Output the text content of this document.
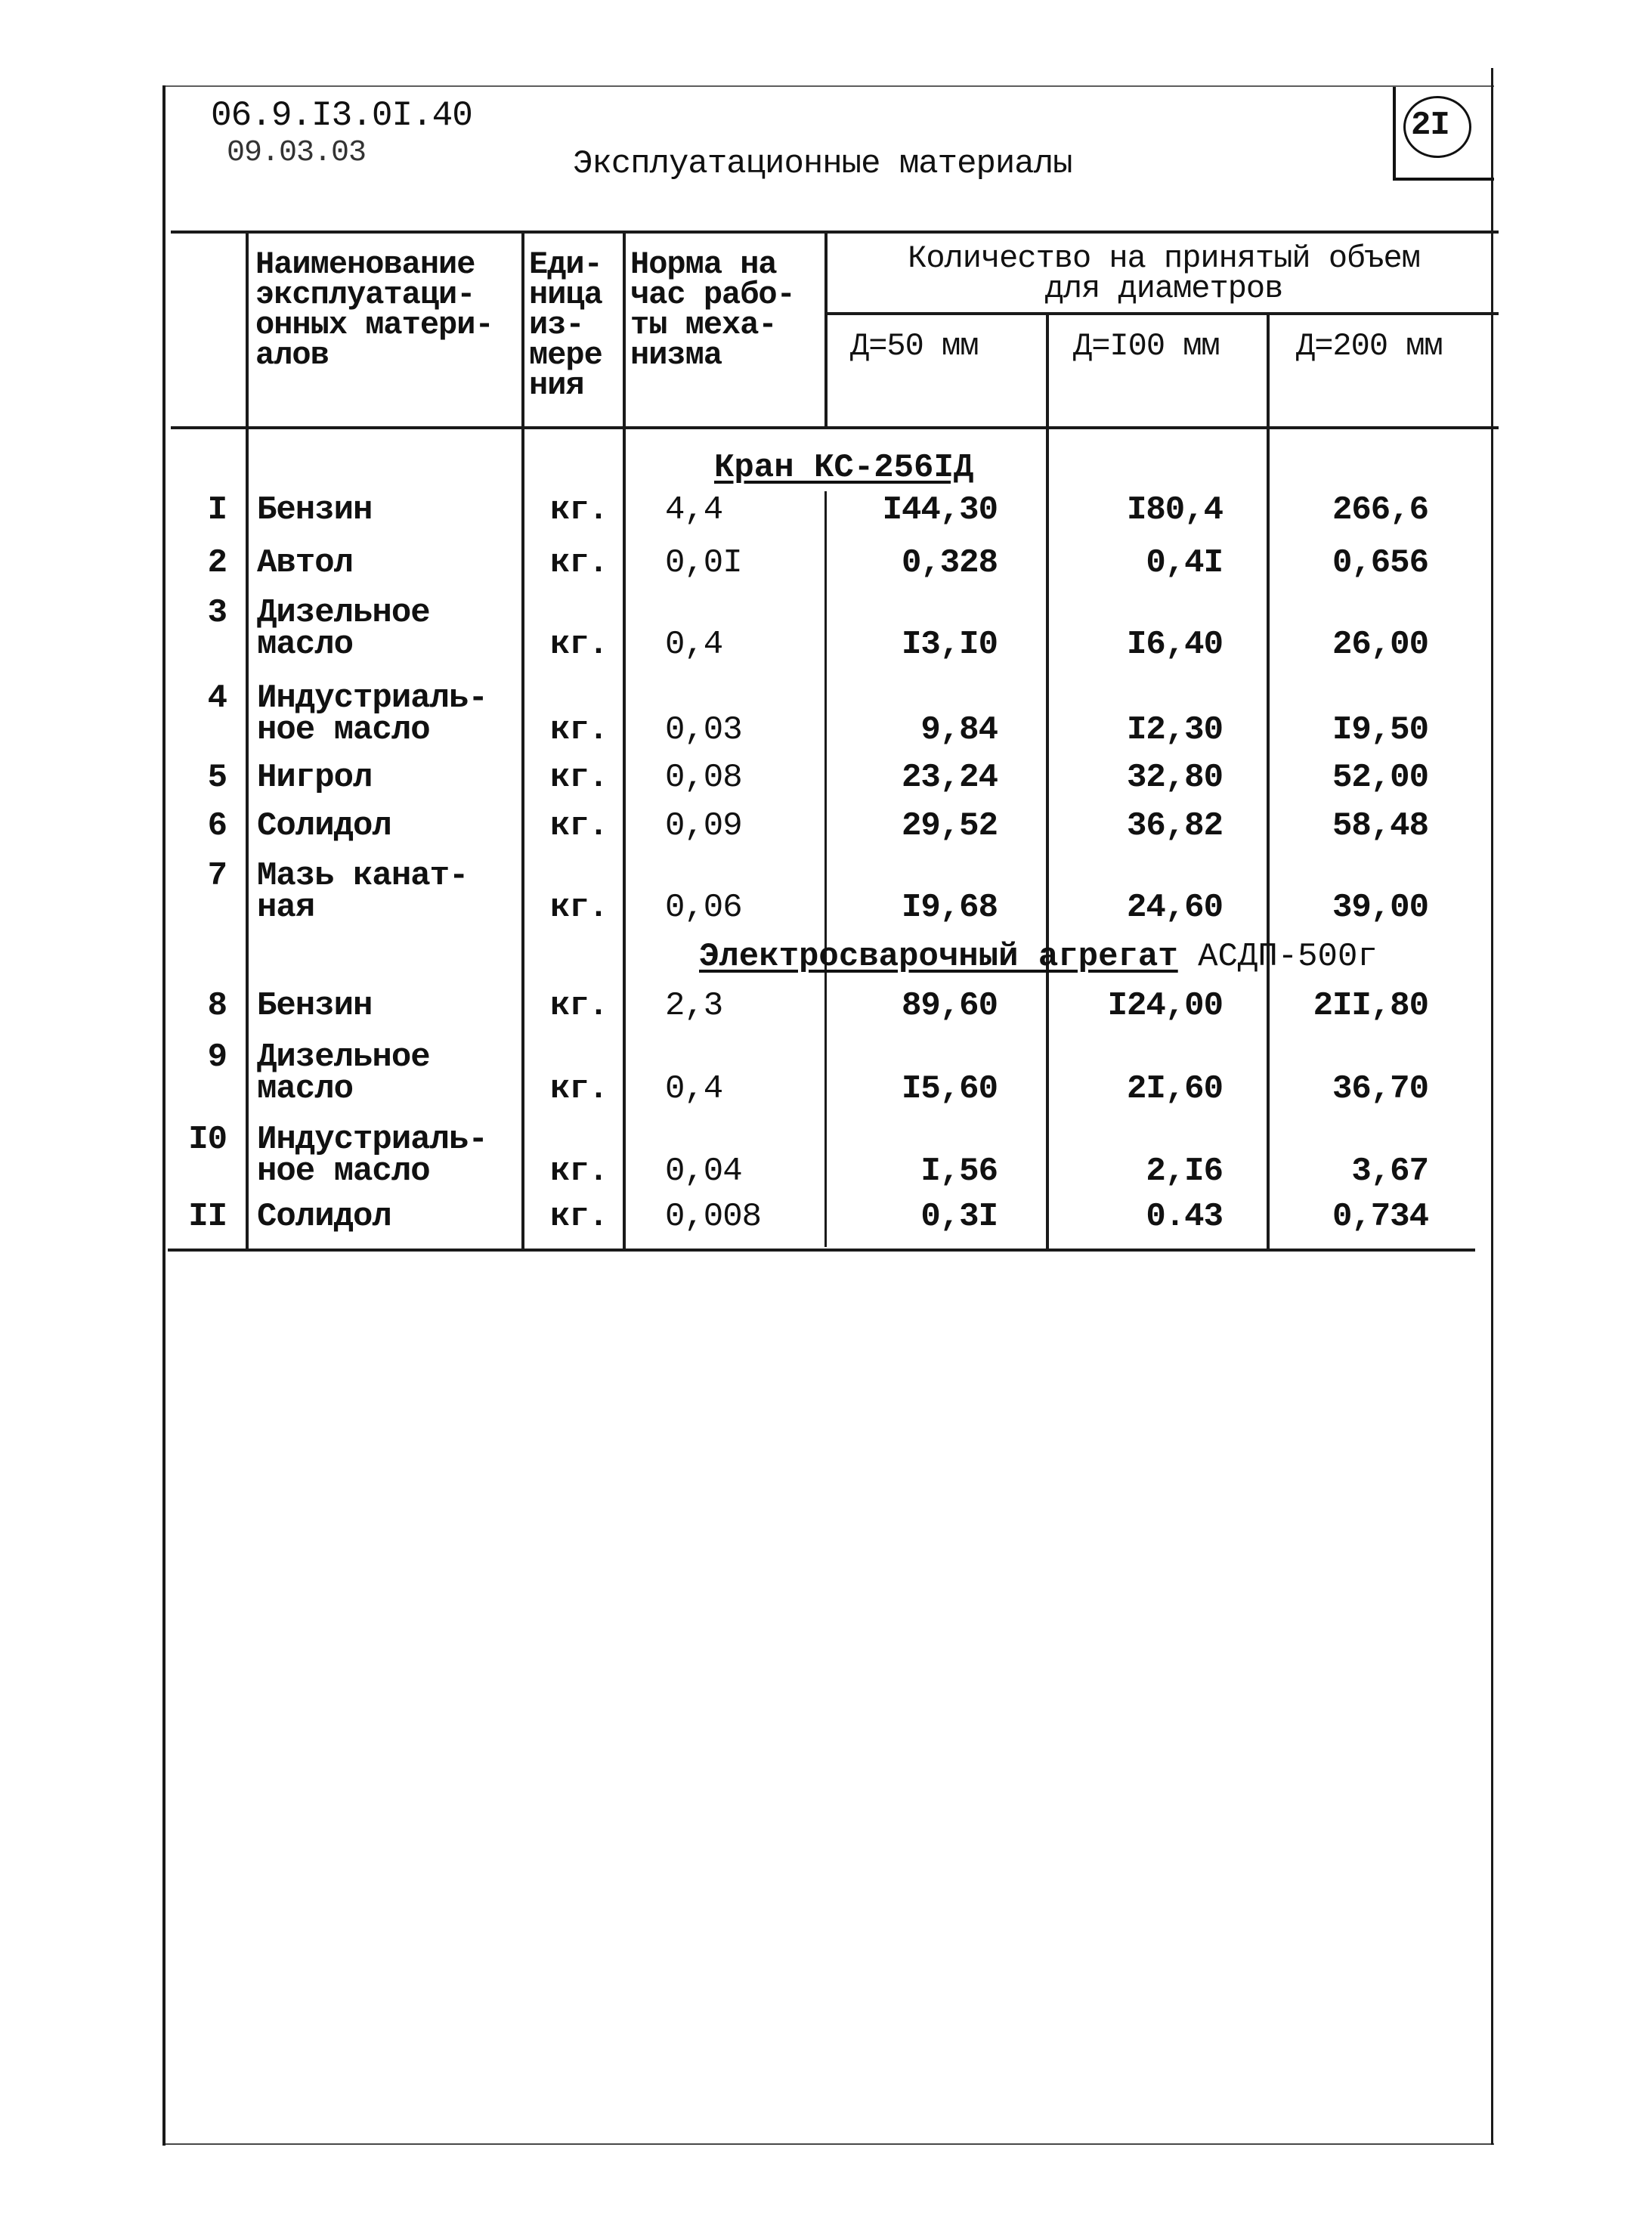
06.9.I3.0I.40
09.03.03	Эксплуатационные материалы
2I
Наименование
эксплуатаци-
онных матери-
алов
Еди-
ница
из-
мере
ния
Норма на
час рабо-
ты меха-
низма
Количество на принятый объем
для диаметров
Д=50 мм	Д=I00 мм Д=200 мм
Кран КС-256IД
I Бензин	кг. 4,4	I44,30	I80,4	266,6
2 Автол	кг. 0,0I	0,328	0,4I	0,656
3 Дизельное
масло	кг. 0,4	I3,I0	I6,40	26,00
4 Индустриаль-
ное масло	кг. 0,03	9,84	I2,30	I9,50
5 Нигрол	кг. 0,08	23,24	32,80	52,00
6 Солидол	кг. 0,09	29,52	36,82	58,48
7 Мазь канат-
ная	кг. 0,06	I9,68	24,60	39,00
Электросварочный агрегат АСДП-500г
8 Бензин	кг. 2,3	89,60	I24,00	2II,80
9 Дизельное
масло	кг. 0,4	I5,60	2I,60	36,70
I0 Индустриаль-
ное масло	кг. 0,04	I,56	2,I6	3,67
II Солидол	кг. 0,008	0,3I	0.43	0,734
